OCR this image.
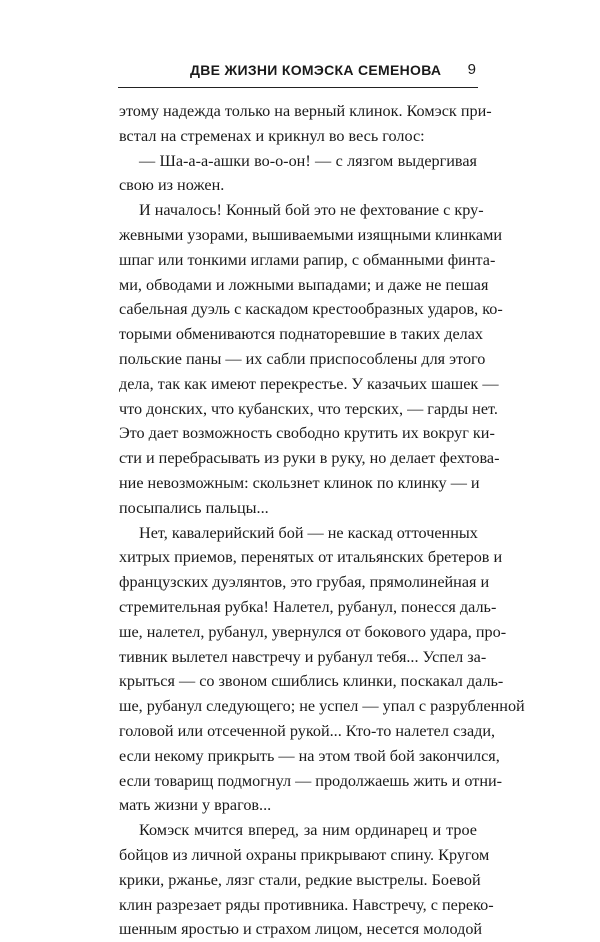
ДВЕ ЖИЗНИ КОМЭСКА СЕМЕНОВА 9
этому надежда только на верный клинок. Комэск при-
встал на стременах и крикнул во весь голос:
— Ша-а-а-ашки во-о-он! — с лязгом выдергивая
свою из ножен.
И началось! Конный бой это не фехтование с кру-
жевными узорами, вышиваемыми изящными клинками
шпаг или тонкими иглами рапир, с обманными финта-
ми, обводами и ложными выпадами; и даже не пешая
сабельная дуэль с каскадом крестообразных ударов, ко-
торыми обмениваются поднаторевшие в таких делах
польские паны — их сабли приспособлены для этого
дела, так как имеют перекрестье. У казачьих шашек —
что донских, что кубанских, что терских, — гарды нет.
Это дает возможность свободно крутить их вокруг ки-
сти и перебрасывать из руки в руку, но делает фехтова-
ние невозможным: скользнет клинок по клинку — и
посыпались пальцы...
Нет, кавалерийский бой — не каскад отточенных
хитрых приемов, перенятых от итальянских бретеров и
французских дуэлянтов, это грубая, прямолинейная и
стремительная рубка! Налетел, рубанул, понесся даль-
ше, налетел, рубанул, увернулся от бокового удара, про-
тивник вылетел навстречу и рубанул тебя... Успел за-
крыться — со звоном сшиблись клинки, поскакал даль-
ше, рубанул следующего; не успел — упал с разрубленной
головой или отсеченной рукой... Кто-то налетел сзади,
если некому прикрыть — на этом твой бой закончился,
если товарищ подмогнул — продолжаешь жить и отни-
мать жизни у врагов...
Комэск мчится вперед, за ним ординарец и трое
бойцов из личной охраны прикрывают спину. Кругом
крики, ржанье, лязг стали, редкие выстрелы. Боевой
клин разрезает ряды противника. Навстречу, с переко-
шенным яростью и страхом лицом, несется молодой
